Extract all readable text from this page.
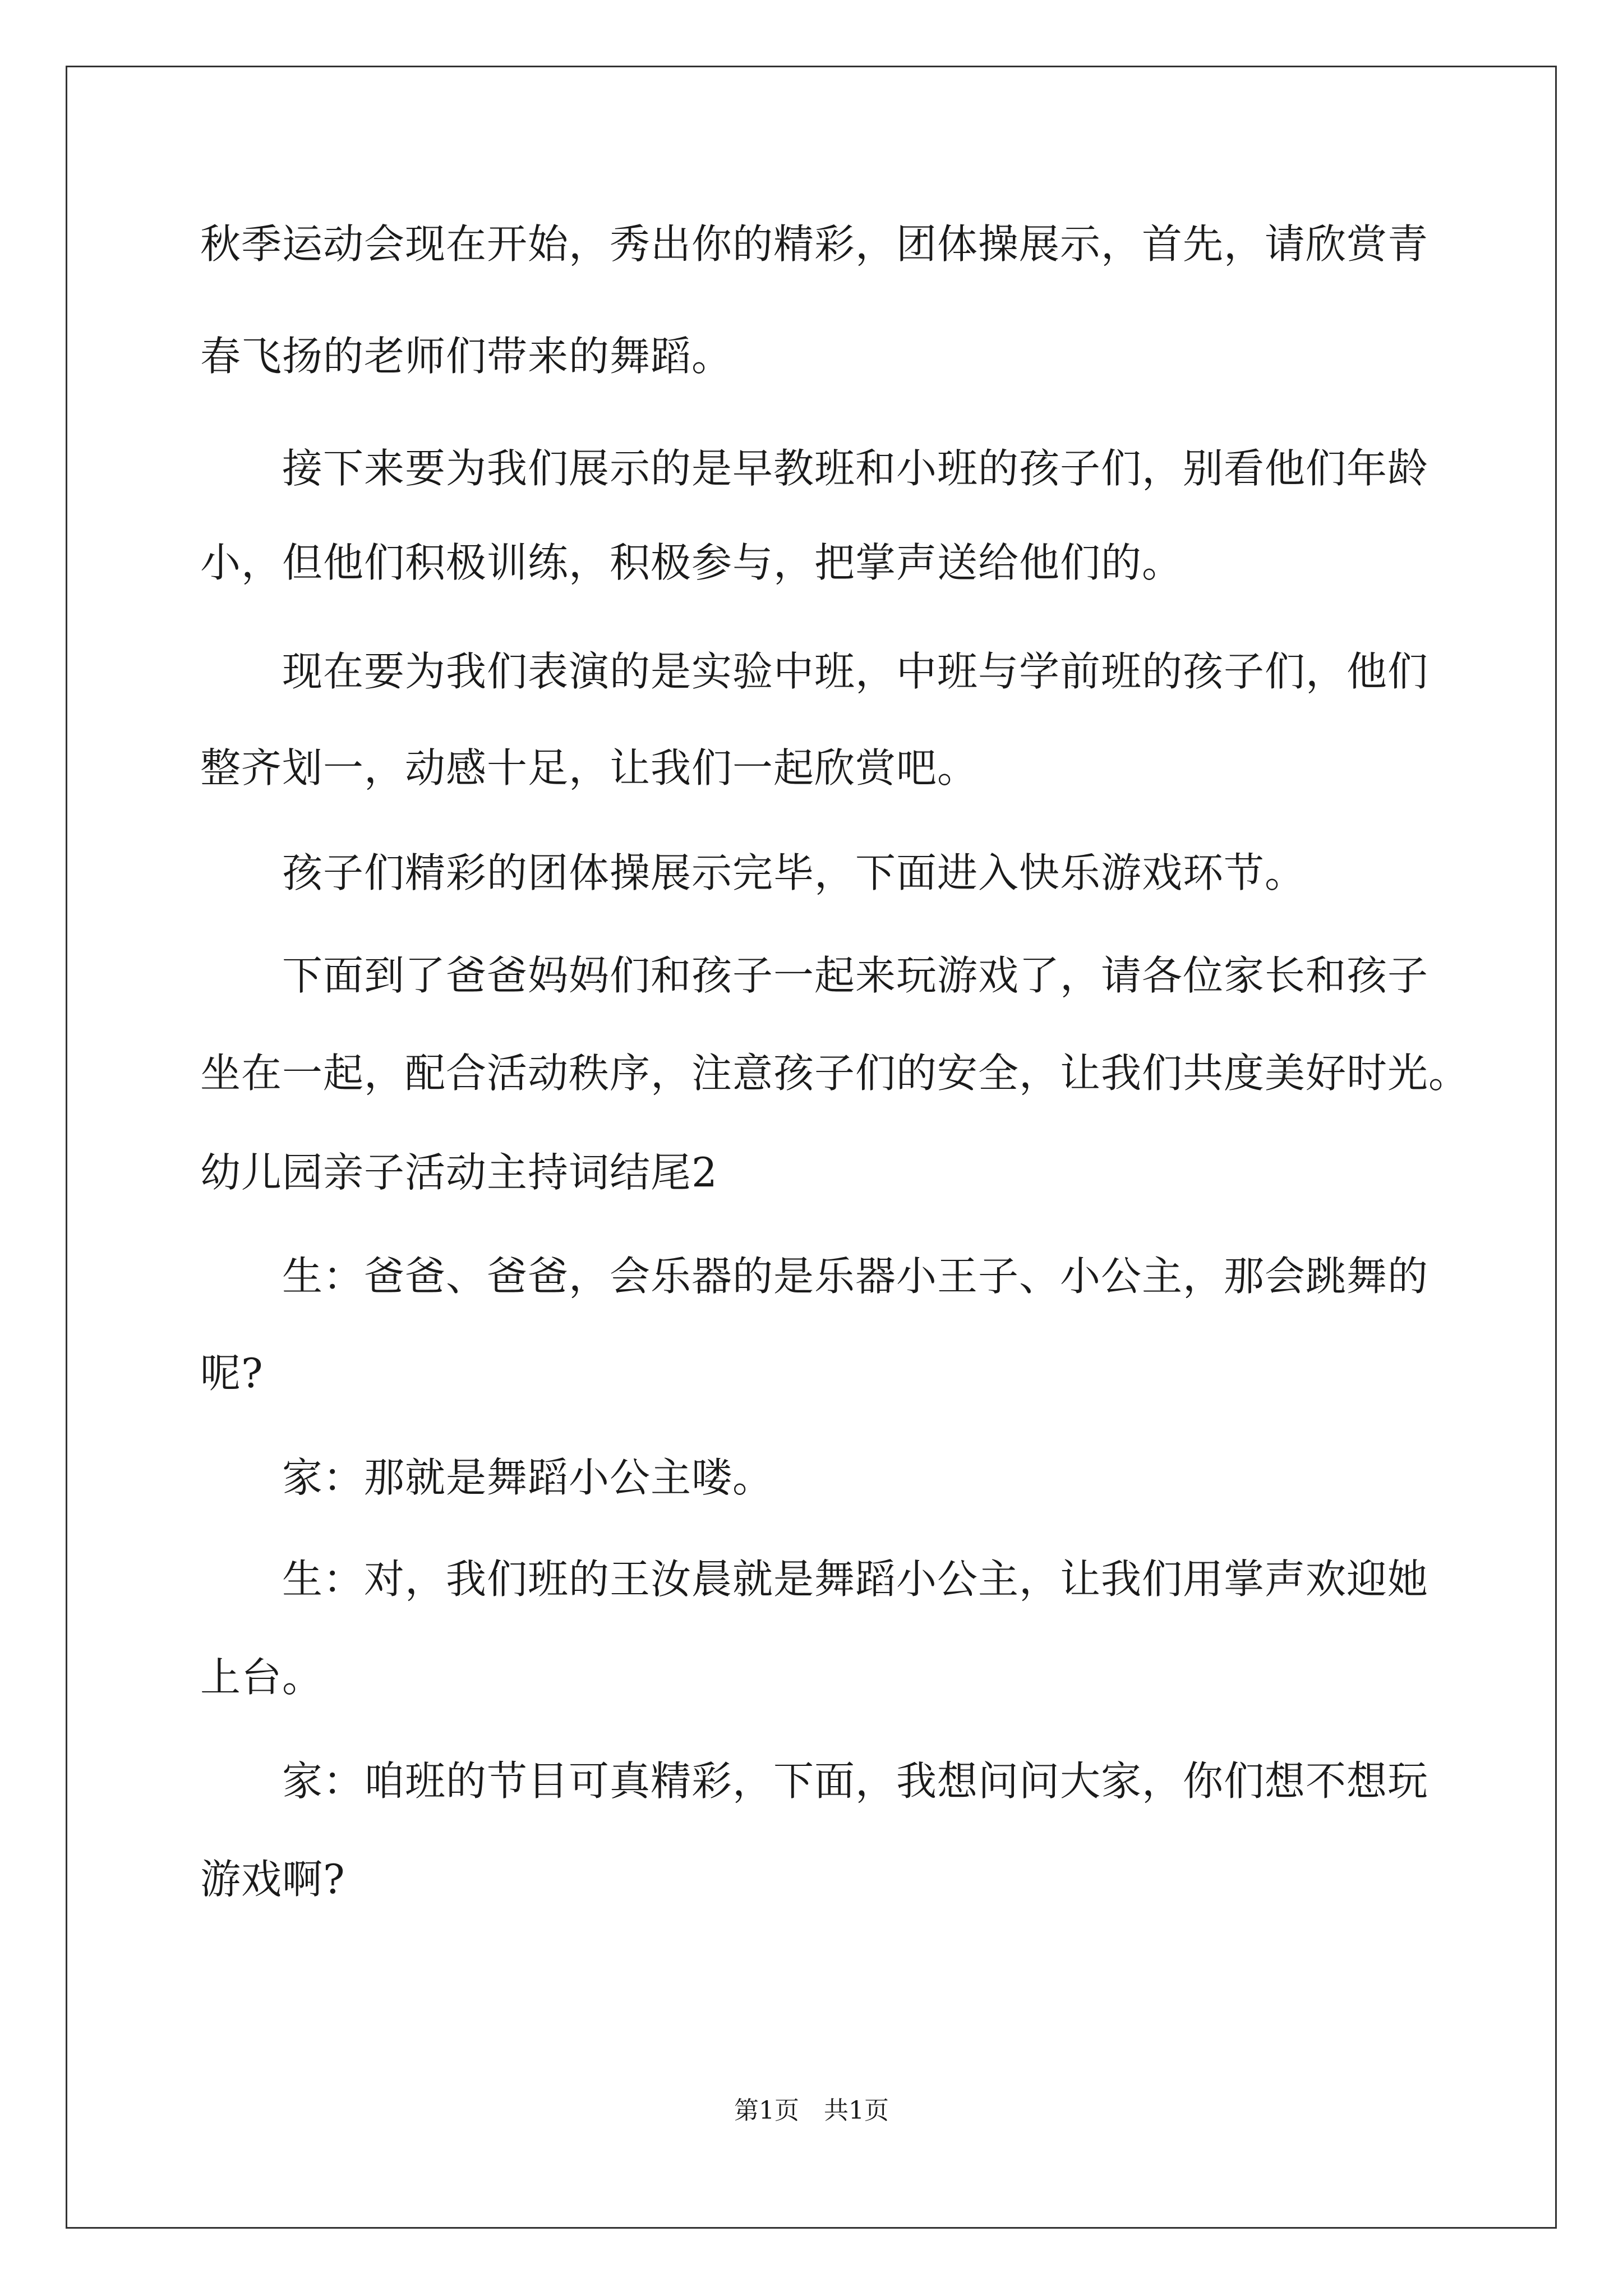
秋季运动会现在开始，秀出你的精彩，团体操展示，首先，请欣赏青
春飞扬的老师们带来的舞蹈。
接下来要为我们展示的是早教班和小班的孩子们，别看他们年龄
小，但他们积极训练，积极参与，把掌声送给他们的。
现在要为我们表演的是实验中班，中班与学前班的孩子们，他们
整齐划一，动感十足，让我们一起欣赏吧。
孩子们精彩的团体操展示完毕，下面进入快乐游戏环节。
下面到了爸爸妈妈们和孩子一起来玩游戏了，请各位家长和孩子
坐在一起，配合活动秩序，注意孩子们的安全，让我们共度美好时光。
幼儿园亲子活动主持词结尾2
生：爸爸、爸爸，会乐器的是乐器小王子、小公主，那会跳舞的
呢?
家：那就是舞蹈小公主喽。
生：对，我们班的王汝晨就是舞蹈小公主，让我们用掌声欢迎她
上台。
家：咱班的节目可真精彩，下面，我想问问大家，你们想不想玩
游戏啊?
第1页　共1页
